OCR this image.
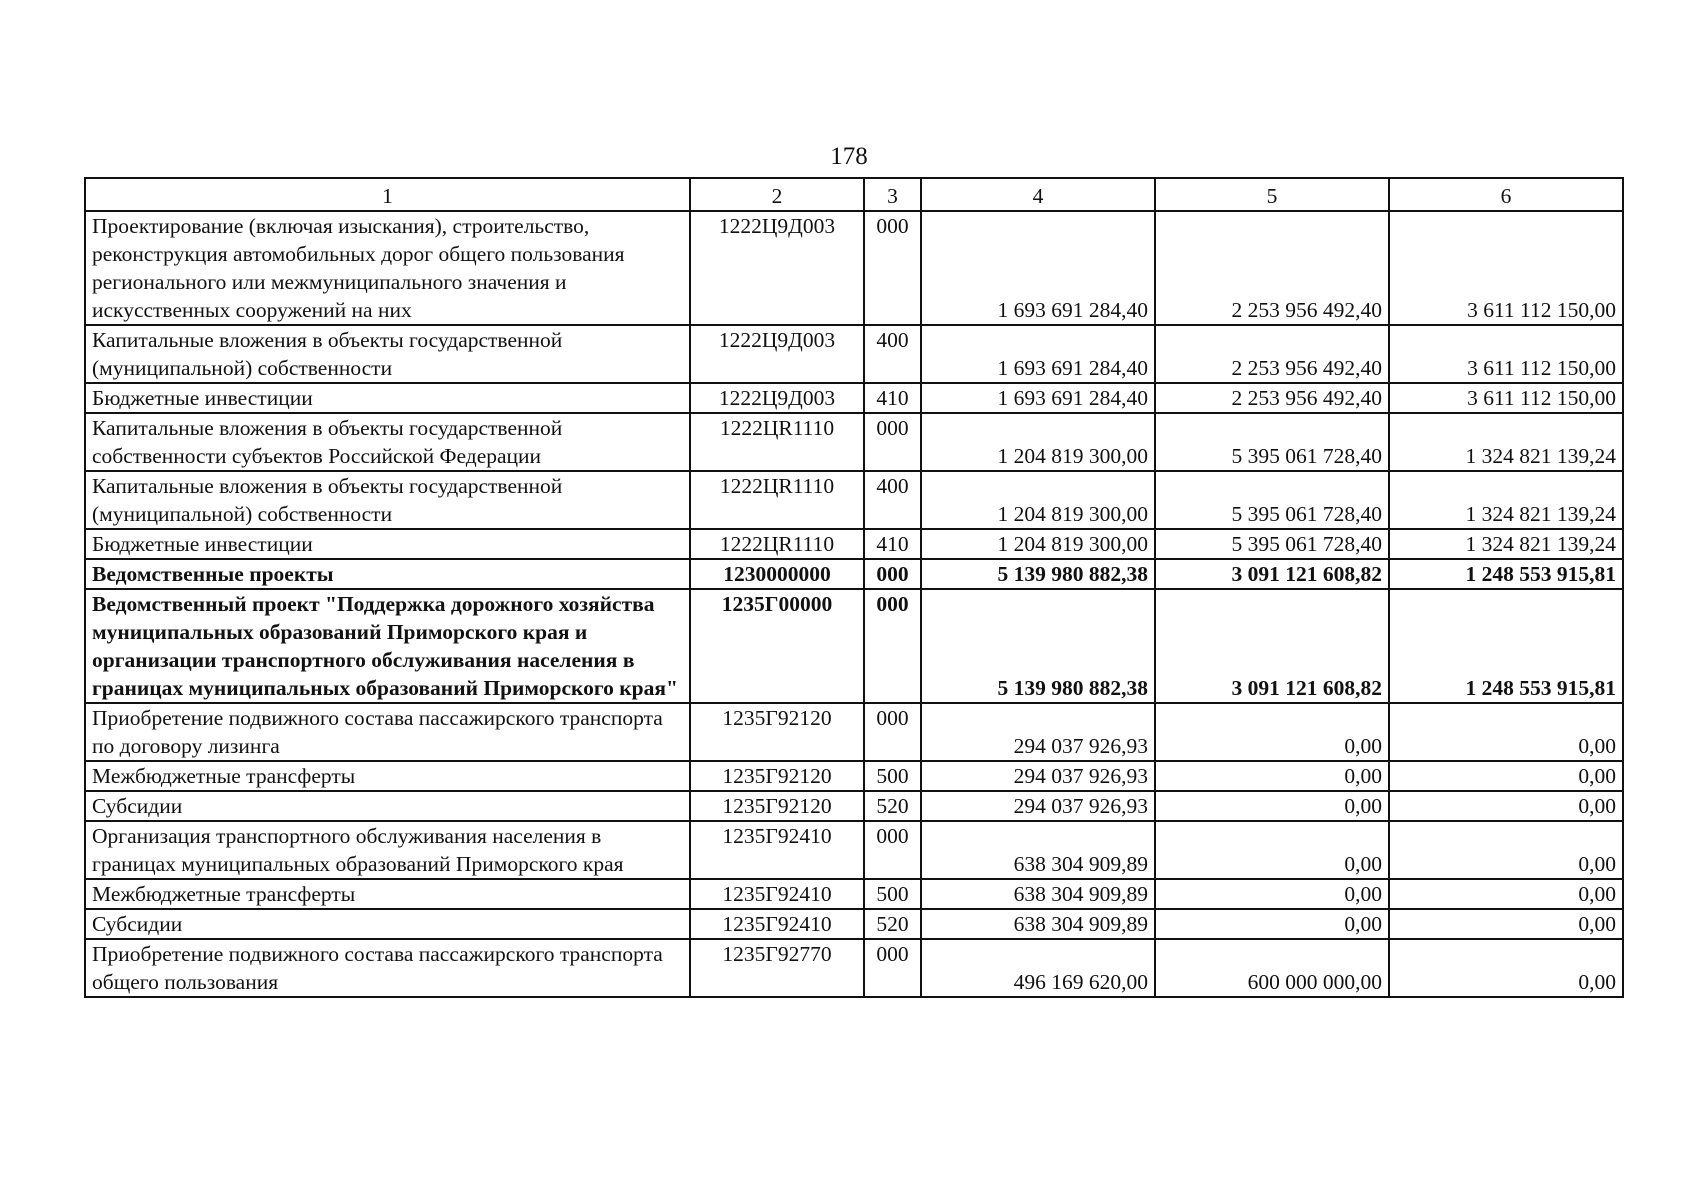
178
1	2	3	4	5	6
Проектирование (включая изыскания), строительство, реконструкция автомобильных дорог общего пользования регионального или межмуниципального значения и искусственных сооружений на них	1222Ц9Д003	000	1 693 691 284,40	2 253 956 492,40	3 611 112 150,00
Капитальные вложения в объекты государственной (муниципальной) собственности	1222Ц9Д003	400	1 693 691 284,40	2 253 956 492,40	3 611 112 150,00
Бюджетные инвестиции	1222Ц9Д003	410	1 693 691 284,40	2 253 956 492,40	3 611 112 150,00
Капитальные вложения в объекты государственной собственности субъектов Российской Федерации	1222ЦR1110	000	1 204 819 300,00	5 395 061 728,40	1 324 821 139,24
Капитальные вложения в объекты государственной (муниципальной) собственности	1222ЦR1110	400	1 204 819 300,00	5 395 061 728,40	1 324 821 139,24
Бюджетные инвестиции	1222ЦR1110	410	1 204 819 300,00	5 395 061 728,40	1 324 821 139,24
Ведомственные проекты	1230000000	000	5 139 980 882,38	3 091 121 608,82	1 248 553 915,81
Ведомственный проект "Поддержка дорожного хозяйства муниципальных образований Приморского края и организации транспортного обслуживания населения в границах муниципальных образований Приморского края"	1235Г00000	000	5 139 980 882,38	3 091 121 608,82	1 248 553 915,81
Приобретение подвижного состава пассажирского транспорта по договору лизинга	1235Г92120	000	294 037 926,93	0,00	0,00
Межбюджетные трансферты	1235Г92120	500	294 037 926,93	0,00	0,00
Субсидии	1235Г92120	520	294 037 926,93	0,00	0,00
Организация транспортного обслуживания населения в границах муниципальных образований Приморского края	1235Г92410	000	638 304 909,89	0,00	0,00
Межбюджетные трансферты	1235Г92410	500	638 304 909,89	0,00	0,00
Субсидии	1235Г92410	520	638 304 909,89	0,00	0,00
Приобретение подвижного состава пассажирского транспорта общего пользования	1235Г92770	000	496 169 620,00	600 000 000,00	0,00
